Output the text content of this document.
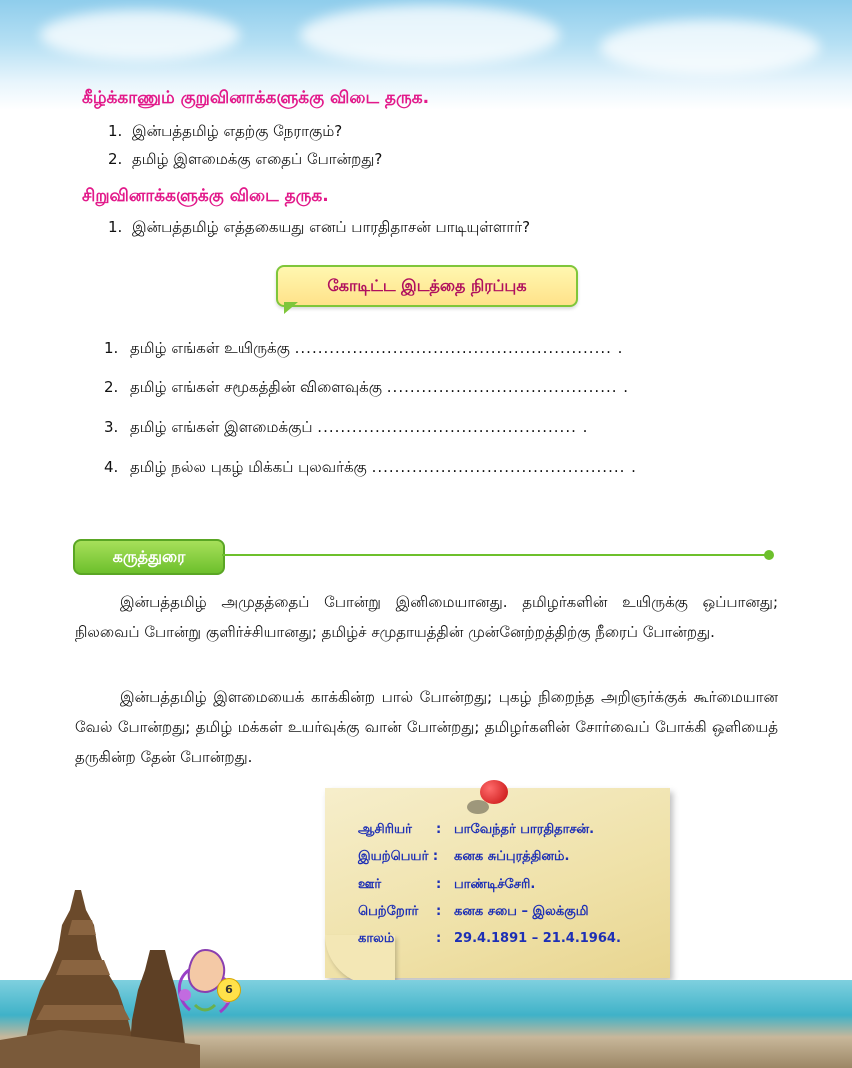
கீழ்க்காணும் குறுவினாக்களுக்கு விடை தருக.
1. இன்பத்தமிழ் எதற்கு நேராகும்?
2. தமிழ் இளமைக்கு எதைப் போன்றது?
சிறுவினாக்களுக்கு விடை தருக.
1. இன்பத்தமிழ் எத்தகையது எனப் பாரதிதாசன் பாடியுள்ளார்?
கோடிட்ட இடத்தை நிரப்புக
1. தமிழ் எங்கள் உயிருக்கு ....................................................... .
2. தமிழ் எங்கள் சமூகத்தின் விளைவுக்கு ........................................ .
3. தமிழ் எங்கள் இளமைக்குப் ............................................. .
4. தமிழ் நல்ல புகழ் மிக்கப் புலவர்க்கு ............................................ .
கருத்துரை
இன்பத்தமிழ் அமுதத்தைப் போன்று இனிமையானது. தமிழர்களின் உயிருக்கு ஒப்பானது; நிலவைப் போன்று குளிர்ச்சியானது; தமிழ்ச் சமுதாயத்தின் முன்னேற்றத்திற்கு நீரைப் போன்றது.
இன்பத்தமிழ் இளமையைக் காக்கின்ற பால் போன்றது; புகழ் நிறைந்த அறிஞர்க்குக் கூர்மையான வேல் போன்றது; தமிழ் மக்கள் உயர்வுக்கு வான் போன்றது; தமிழர்களின் சோர்வைப் போக்கி ஒளியைத் தருகின்ற தேன் போன்றது.
ஆசிரியர் : பாவேந்தர் பாரதிதாசன்.
இயற்பெயர் : கனக சுப்புரத்தினம்.
ஊர்	: பாண்டிச்சேரி.
பெற்றோர் : கனக சபை – இலக்குமி
காலம்	: 29.4.1891 – 21.4.1964.
6
